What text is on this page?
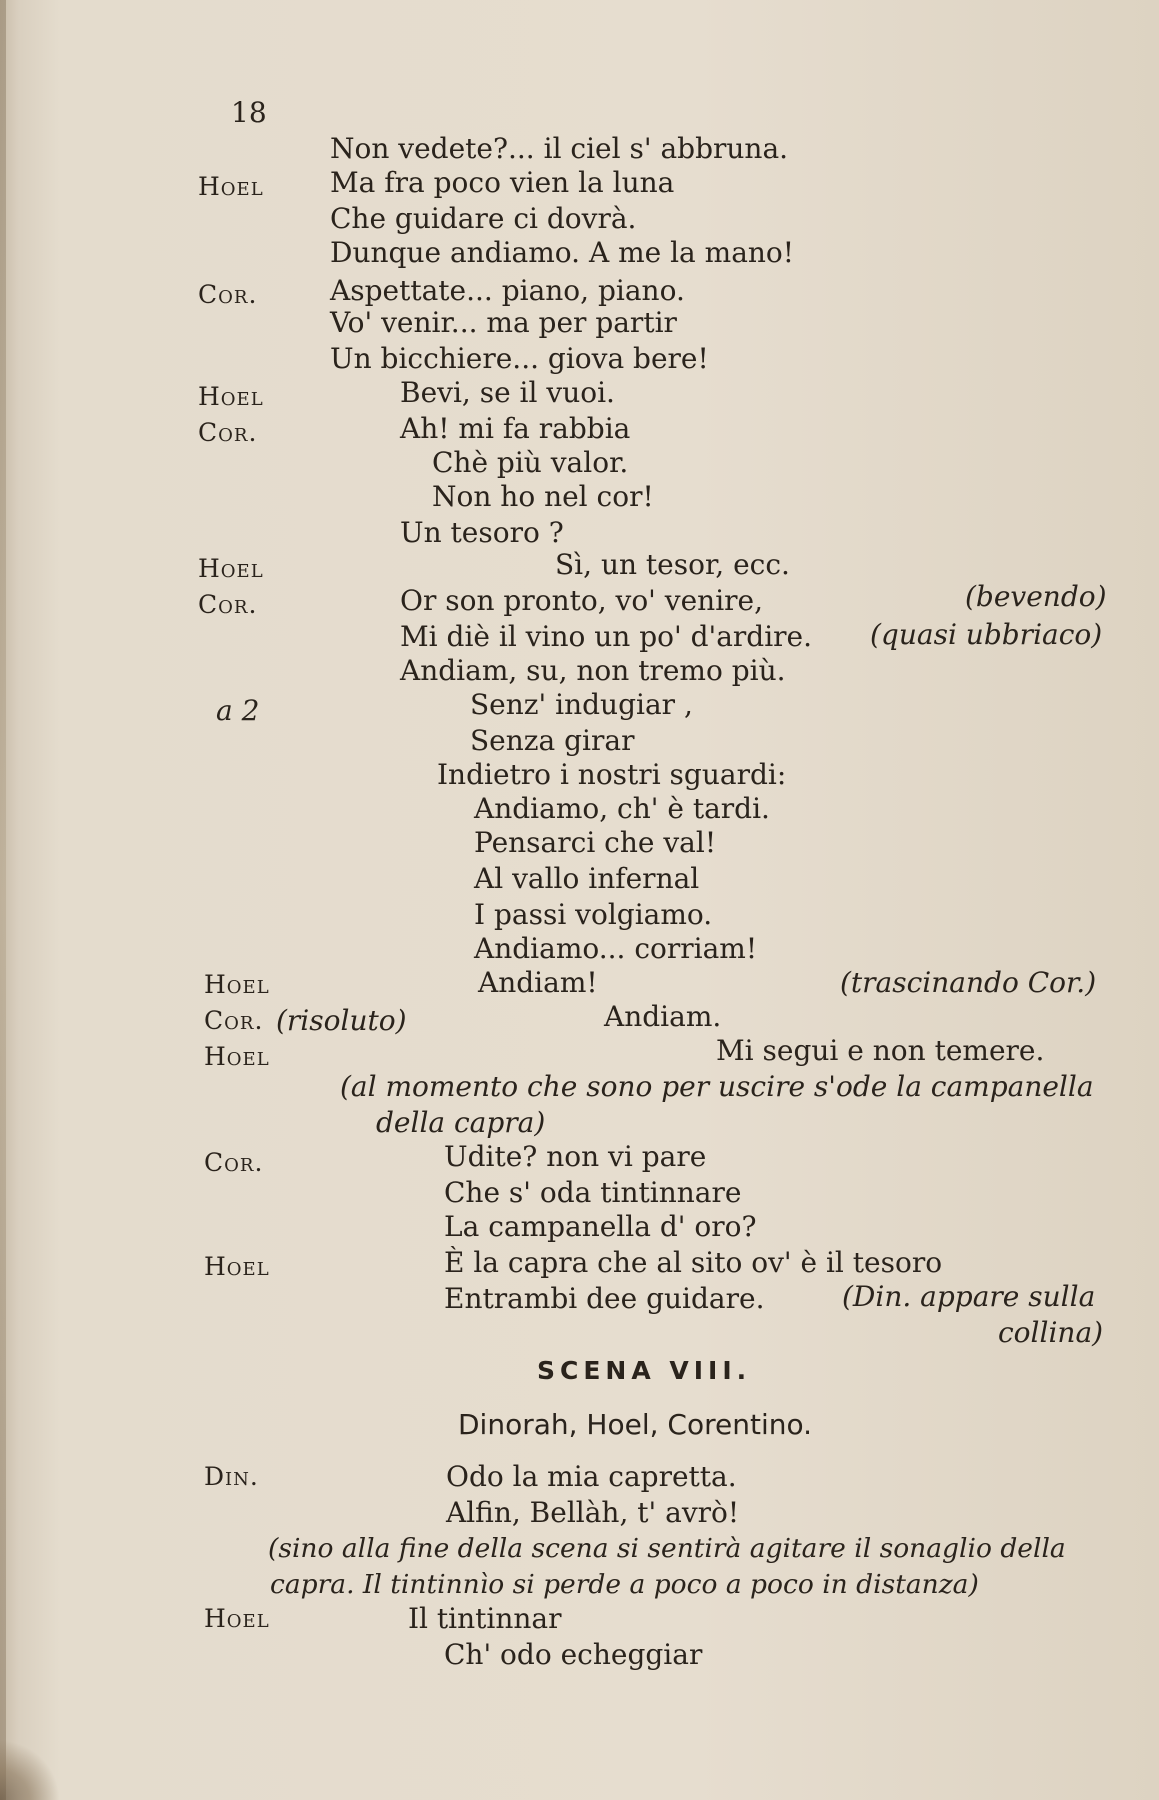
18
Hoel
Cor.
Hoel
Cor.
Hoel
Cor.
a 2
Hoel
Cor. (risoluto)
Hoel
Cor.
Hoel
Din.
Hoel
Non vedete?... il ciel s' abbruna.
Ma fra poco vien la luna
Che guidare ci dovrà.
Dunque andiamo. A me la mano!
Aspettate... piano, piano.
Vo' venir... ma per partir
Un bicchiere... giova bere!
Bevi, se il vuoi.
Ah! mi fa rabbia
Chè più valor.
Non ho nel cor!
Un tesoro ?
Sì, un tesor, ecc.
Or son pronto, vo' venire,	(bevendo)
Mi diè il vino un po' d'ardire. (quasi ubbriaco)
Andiam, su, non tremo più.
Senz' indugiar ,
Senza girar
Indietro i nostri sguardi:
Andiamo, ch' è tardi.
Pensarci che val!
Al vallo infernal
I passi volgiamo.
Andiamo... corriam!
Andiam!	(trascinando Cor.)
Andiam.
Mi segui e non temere.
(al momento che sono per uscire s'ode la campanella
della capra)
Udite? non vi pare
Che s' oda tintinnare
La campanella d' oro?
È la capra che al sito ov' è il tesoro
Entrambi dee guidare.	(Din. appare sulla
collina)
SCENA VIII.
Dinorah, Hoel, Corentino.
Odo la mia capretta.
Alfin, Bellàh, t' avrò!
(sino alla fine della scena si sentirà agitare il sonaglio della
capra. Il tintinnìo si perde a poco a poco in distanza)
Il tintinnar
Ch' odo echeggiar
